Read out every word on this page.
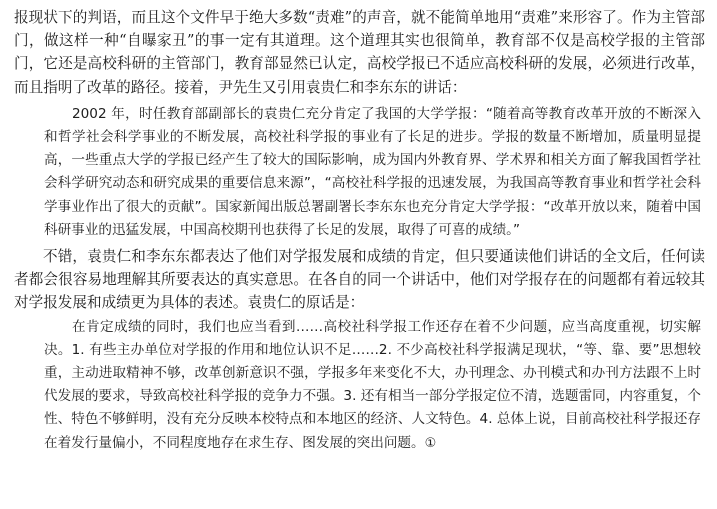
报现状下的判语，而且这个文件早于绝大多数“责难”的声音，就不能简单地用“责难”来形容了。作为主管部门，做这样一种“自曝家丑”的事一定有其道理。这个道理其实也很简单，教育部不仅是高校学报的主管部门，它还是高校科研的主管部门，教育部显然已认定，高校学报已不适应高校科研的发展，必须进行改革，而且指明了改革的路径。接着，尹先生又引用袁贵仁和李东东的讲话：

2002 年，时任教育部副部长的袁贵仁充分肯定了我国的大学学报：“随着高等教育改革开放的不断深入和哲学社会科学事业的不断发展，高校社科学报的事业有了长足的进步。学报的数量不断增加，质量明显提高，一些重点大学的学报已经产生了较大的国际影响，成为国内外教育界、学术界和相关方面了解我国哲学社会科学研究动态和研究成果的重要信息来源”，“高校社科学报的迅速发展，为我国高等教育事业和哲学社会科学事业作出了很大的贡献”。国家新闻出版总署副署长李东东也充分肯定大学学报：“改革开放以来，随着中国科研事业的迅猛发展，中国高校期刊也获得了长足的发展，取得了可喜的成绩。”

不错，袁贵仁和李东东都表达了他们对学报发展和成绩的肯定，但只要通读他们讲话的全文后，任何读者都会很容易地理解其所要表达的真实意思。在各自的同一个讲话中，他们对学报存在的问题都有着远较其对学报发展和成绩更为具体的表述。袁贵仁的原话是：

在肯定成绩的同时，我们也应当看到……高校社科学报工作还存在着不少问题，应当高度重视，切实解决。1. 有些主办单位对学报的作用和地位认识不足……2. 不少高校社科学报满足现状，“等、靠、要”思想较重，主动进取精神不够，改革创新意识不强，学报多年来变化不大，办刊理念、办刊模式和办刊方法跟不上时代发展的要求，导致高校社科学报的竞争力不强。3. 还有相当一部分学报定位不清，选题雷同，内容重复，个性、特色不够鲜明，没有充分反映本校特点和本地区的经济、人文特色。4. 总体上说，目前高校社科学报还存在着发行量偏小，不同程度地存在求生存、图发展的突出问题。①
